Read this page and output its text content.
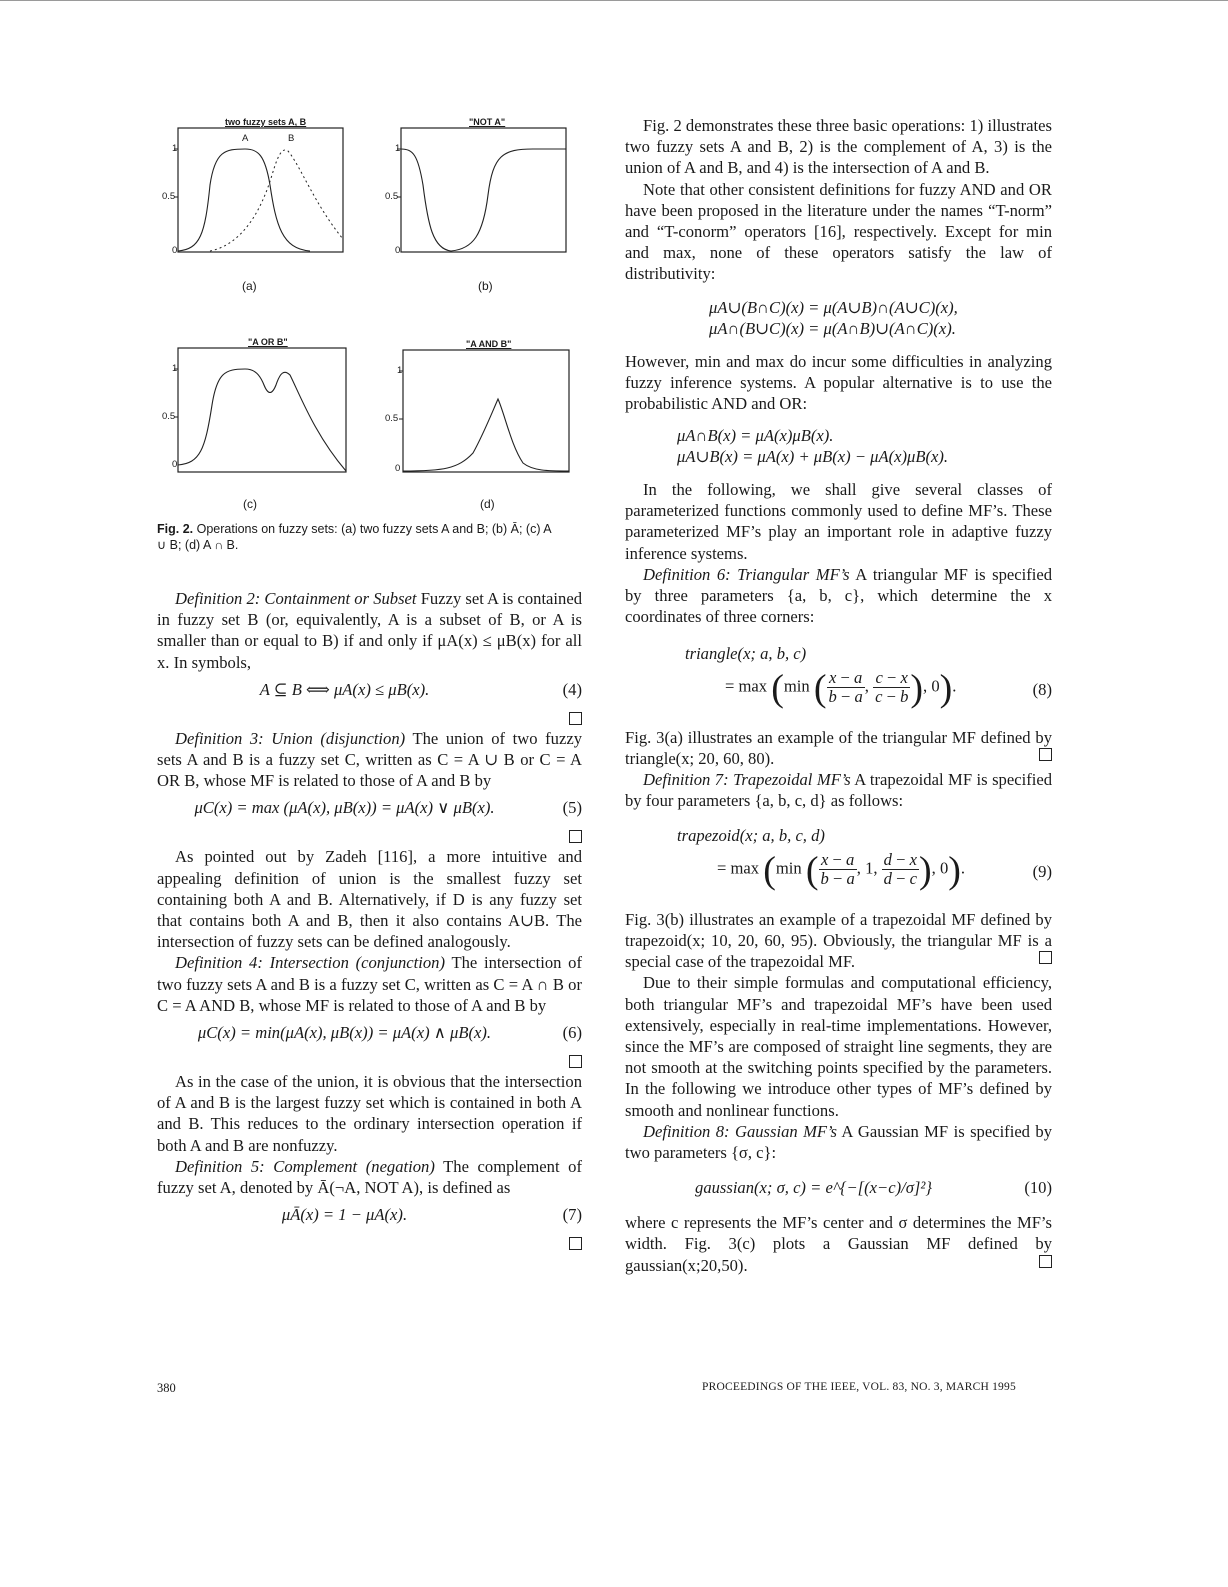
two fuzzy sets A, B
1
0.5
0
A	B
(a)
"NOT A"
1
0.5
0
(b)
"A OR B"
1
0.5
0
(c)
"A AND B"
1
0.5
0
(d)
Fig. 2. Operations on fuzzy sets: (a) two fuzzy sets A and B; (b) Ā; (c) A ∪ B; (d) A ∩ B.

Definition 2: Containment or Subset Fuzzy set A is contained in fuzzy set B (or, equivalently, A is a subset of B, or A is smaller than or equal to B) if and only if μA(x) ≤ μB(x) for all x. In symbols,

A ⊆ B ⟺ μA(x) ≤ μB(x).	(4)

Definition 3: Union (disjunction) The union of two fuzzy sets A and B is a fuzzy set C, written as C = A ∪ B or C = A OR B, whose MF is related to those of A and B by

μC(x) = max (μA(x), μB(x)) = μA(x) ∨ μB(x).	(5)

As pointed out by Zadeh [116], a more intuitive and appealing definition of union is the smallest fuzzy set containing both A and B. Alternatively, if D is any fuzzy set that contains both A and B, then it also contains A∪B. The intersection of fuzzy sets can be defined analogously.

Definition 4: Intersection (conjunction) The intersection of two fuzzy sets A and B is a fuzzy set C, written as C = A ∩ B or C = A AND B, whose MF is related to those of A and B by

μC(x) = min(μA(x), μB(x)) = μA(x) ∧ μB(x).	(6)

As in the case of the union, it is obvious that the intersection of A and B is the largest fuzzy set which is contained in both A and B. This reduces to the ordinary intersection operation if both A and B are nonfuzzy.

Definition 5: Complement (negation) The complement of fuzzy set A, denoted by Ā(¬A, NOT A), is defined as

μĀ(x) = 1 − μA(x).	(7)

Fig. 2 demonstrates these three basic operations: 1) illustrates two fuzzy sets A and B, 2) is the complement of A, 3) is the union of A and B, and 4) is the intersection of A and B.

Note that other consistent definitions for fuzzy AND and OR have been proposed in the literature under the names “T-norm” and “T-conorm” operators [16], respectively. Except for min and max, none of these operators satisfy the law of distributivity:

μA∪(B∩C)(x) = μ(A∪B)∩(A∪C)(x),
μA∩(B∪C)(x) = μ(A∩B)∪(A∩C)(x).

However, min and max do incur some difficulties in analyzing fuzzy inference systems. A popular alternative is to use the probabilistic AND and OR:

μA∩B(x) = μA(x)μB(x).
μA∪B(x) = μA(x) + μB(x) − μA(x)μB(x).

In the following, we shall give several classes of parameterized functions commonly used to define MF’s. These parameterized MF’s play an important role in adaptive fuzzy inference systems.

Definition 6: Triangular MF’s A triangular MF is specified by three parameters {a, b, c}, which determine the x coordinates of three corners:

triangle(x; a, b, c)
= max (min ( $\frac{x - a}{b - a}$ , $\frac{c - x}{c - b}$ ), 0).	(8)

Fig. 3(a) illustrates an example of the triangular MF defined by triangle(x; 20, 60, 80).

Definition 7: Trapezoidal MF’s A trapezoidal MF is specified by four parameters {a, b, c, d} as follows:

trapezoid(x; a, b, c, d)
= max (min ( $\frac{x - a}{b - a}$ , 1, $\frac{d - x}{d - c}$ ), 0).	(9)

Fig. 3(b) illustrates an example of a trapezoidal MF defined by trapezoid(x; 10, 20, 60, 95). Obviously, the triangular MF is a special case of the trapezoidal MF.

Due to their simple formulas and computational efficiency, both triangular MF’s and trapezoidal MF’s have been used extensively, especially in real-time implementations. However, since the MF’s are composed of straight line segments, they are not smooth at the switching points specified by the parameters. In the following we introduce other types of MF’s defined by smooth and nonlinear functions.

Definition 8: Gaussian MF’s A Gaussian MF is specified by two parameters {σ, c}:

gaussian(x; σ, c) = e^{−[(x−c)/σ]²}	(10)

where c represents the MF’s center and σ determines the MF’s width. Fig. 3(c) plots a Gaussian MF defined by gaussian(x;20,50).

380	PROCEEDINGS OF THE IEEE, VOL. 83, NO. 3, MARCH 1995
